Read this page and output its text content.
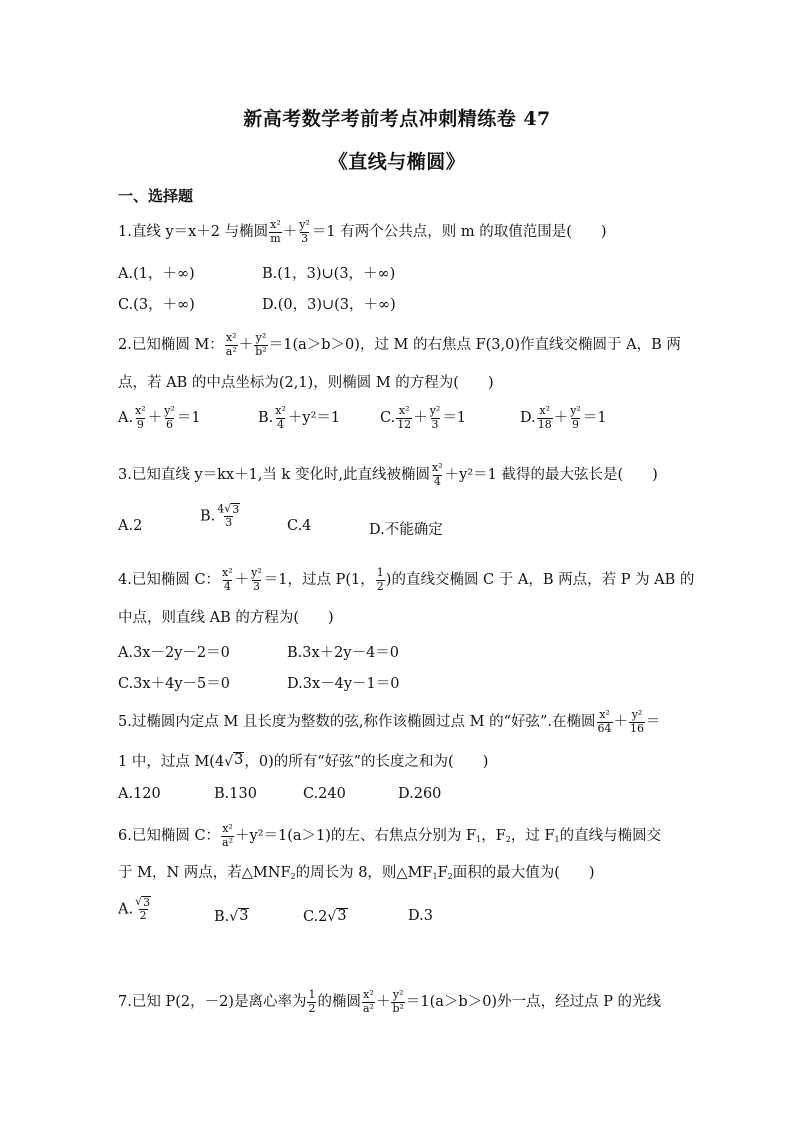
新高考数学考前考点冲刺精练卷 47
《直线与椭圆》
一、选择题
1.直线 y＝x＋2 与椭圆 $\frac{\text{x²}}{m} + \frac{\text{y²}}{3} =1$ 有两个公共点，则 m 的取值范围是(　　)
A.(1，＋∞)	B.(1，3)∪(3，＋∞)
C.(3，＋∞)	D.(0，3)∪(3，＋∞)
2.已知椭圆 M： $\frac{\text{x²}}{\text{a²}} + \frac{\text{y²}}{\text{b²}} =1(a>b>0)$，过 M 的右焦点 F(3,0)作直线交椭圆于 A，B 两
点，若 AB 的中点坐标为(2,1)，则椭圆 M 的方程为(　　)
A. $\frac{\text{x²}}{9} + \frac{\text{y²}}{6} =1$	B. $\frac{\text{x²}}{4} +y^2=1$	C. $\frac{\text{x²}}{12} + \frac{\text{y²}}{3} =1$	D. $\frac{\text{x²}}{18} + \frac{\text{y²}}{9} =1$
3.已知直线 y＝kx＋1,当 k 变化时,此直线被椭圆 $\frac{\text{x²}}{4} +y^2=1$ 截得的最大弦长是(　　)
A.2
B. $\frac{4 √ 3}{3}$	C.4	D.不能确定
4.已知椭圆 C： $\frac{\text{x²}}{4} + \frac{\text{y²}}{3} =1$，过点 P(1， $\frac{1}{2}$ )的直线交椭圆 C 于 A，B 两点，若 P 为 AB 的
中点，则直线 AB 的方程为(　　)
A.3x－2y－2＝0	B.3x＋2y－4＝0
C.3x＋4y－5＝0	D.3x－4y－1＝0
5.过椭圆内定点 M 且长度为整数的弦,称作该椭圆过点 M 的“好弦”.在椭圆 $\frac{\text{x²}}{64} + \frac{\text{y²}}{16}$ ＝
1 中，过点 M(4 √ 3 ，0)的所有“好弦”的长度之和为(　　)
A.120	B.130	C.240	D.260
6.已知椭圆 C： $\frac{\text{x²}}{\text{a²}} +y^2=1(a>1)$的左、右焦点分别为 $F_1$，$F_2$，过 $F_1$的直线与椭圆交
于 M，N 两点，若$\triangle MNF_2$的周长为 8，则$\triangle MF_1F_2$面积的最大值为(　　)
A. $\frac{√ 3}{2}$	B. √ 3	C.2 √ 3	D.3
7.已知 P(2，－2)是离心率为 $\frac{1}{2}$ 的椭圆 $\frac{\text{x²}}{\text{a²}} + \frac{\text{y²}}{\text{b²}} =1(a>b>0)$外一点，经过点 P 的光线
